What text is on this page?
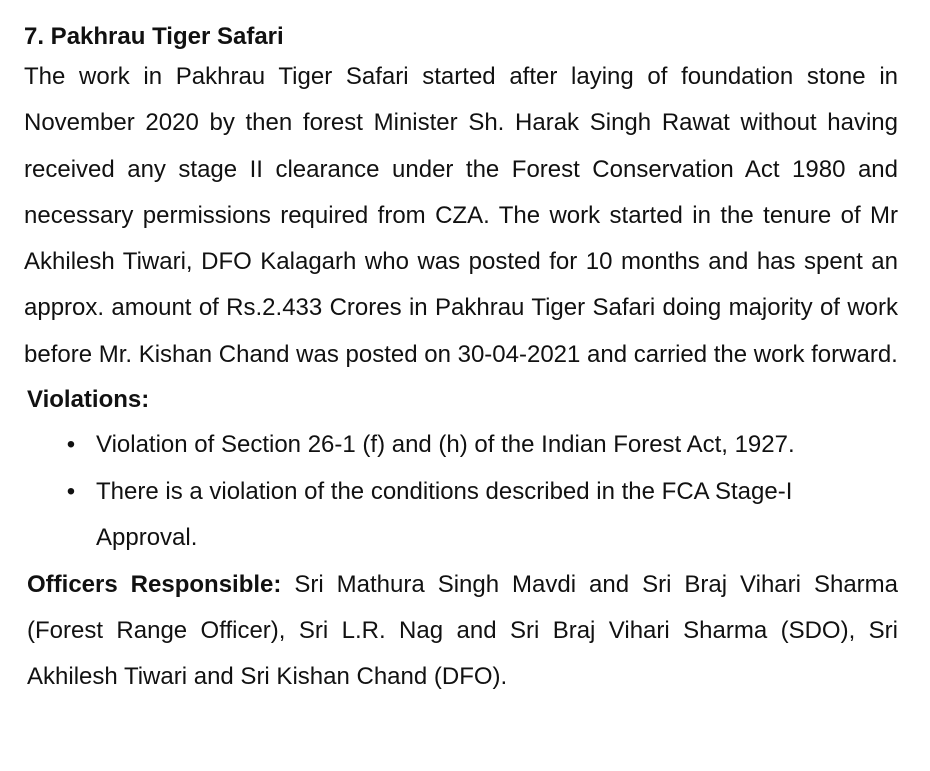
7. Pakhrau Tiger Safari

The work in Pakhrau Tiger Safari started after laying of foundation stone in November 2020 by then forest Minister Sh. Harak Singh Rawat without having received any stage II clearance under the Forest Conservation Act 1980 and necessary permissions required from CZA. The work started in the tenure of Mr Akhilesh Tiwari, DFO Kalagarh who was posted for 10 months and has spent an approx. amount of Rs.2.433 Crores in Pakhrau Tiger Safari doing majority of work before Mr. Kishan Chand was posted on 30-04-2021 and carried the work forward.

Violations:
• Violation of Section 26-1 (f) and (h) of the Indian Forest Act, 1927.
• There is a violation of the conditions described in the FCA Stage-I Approval.

Officers Responsible: Sri Mathura Singh Mavdi and Sri Braj Vihari Sharma (Forest Range Officer), Sri L.R. Nag and Sri Braj Vihari Sharma (SDO), Sri Akhilesh Tiwari and Sri Kishan Chand (DFO).
